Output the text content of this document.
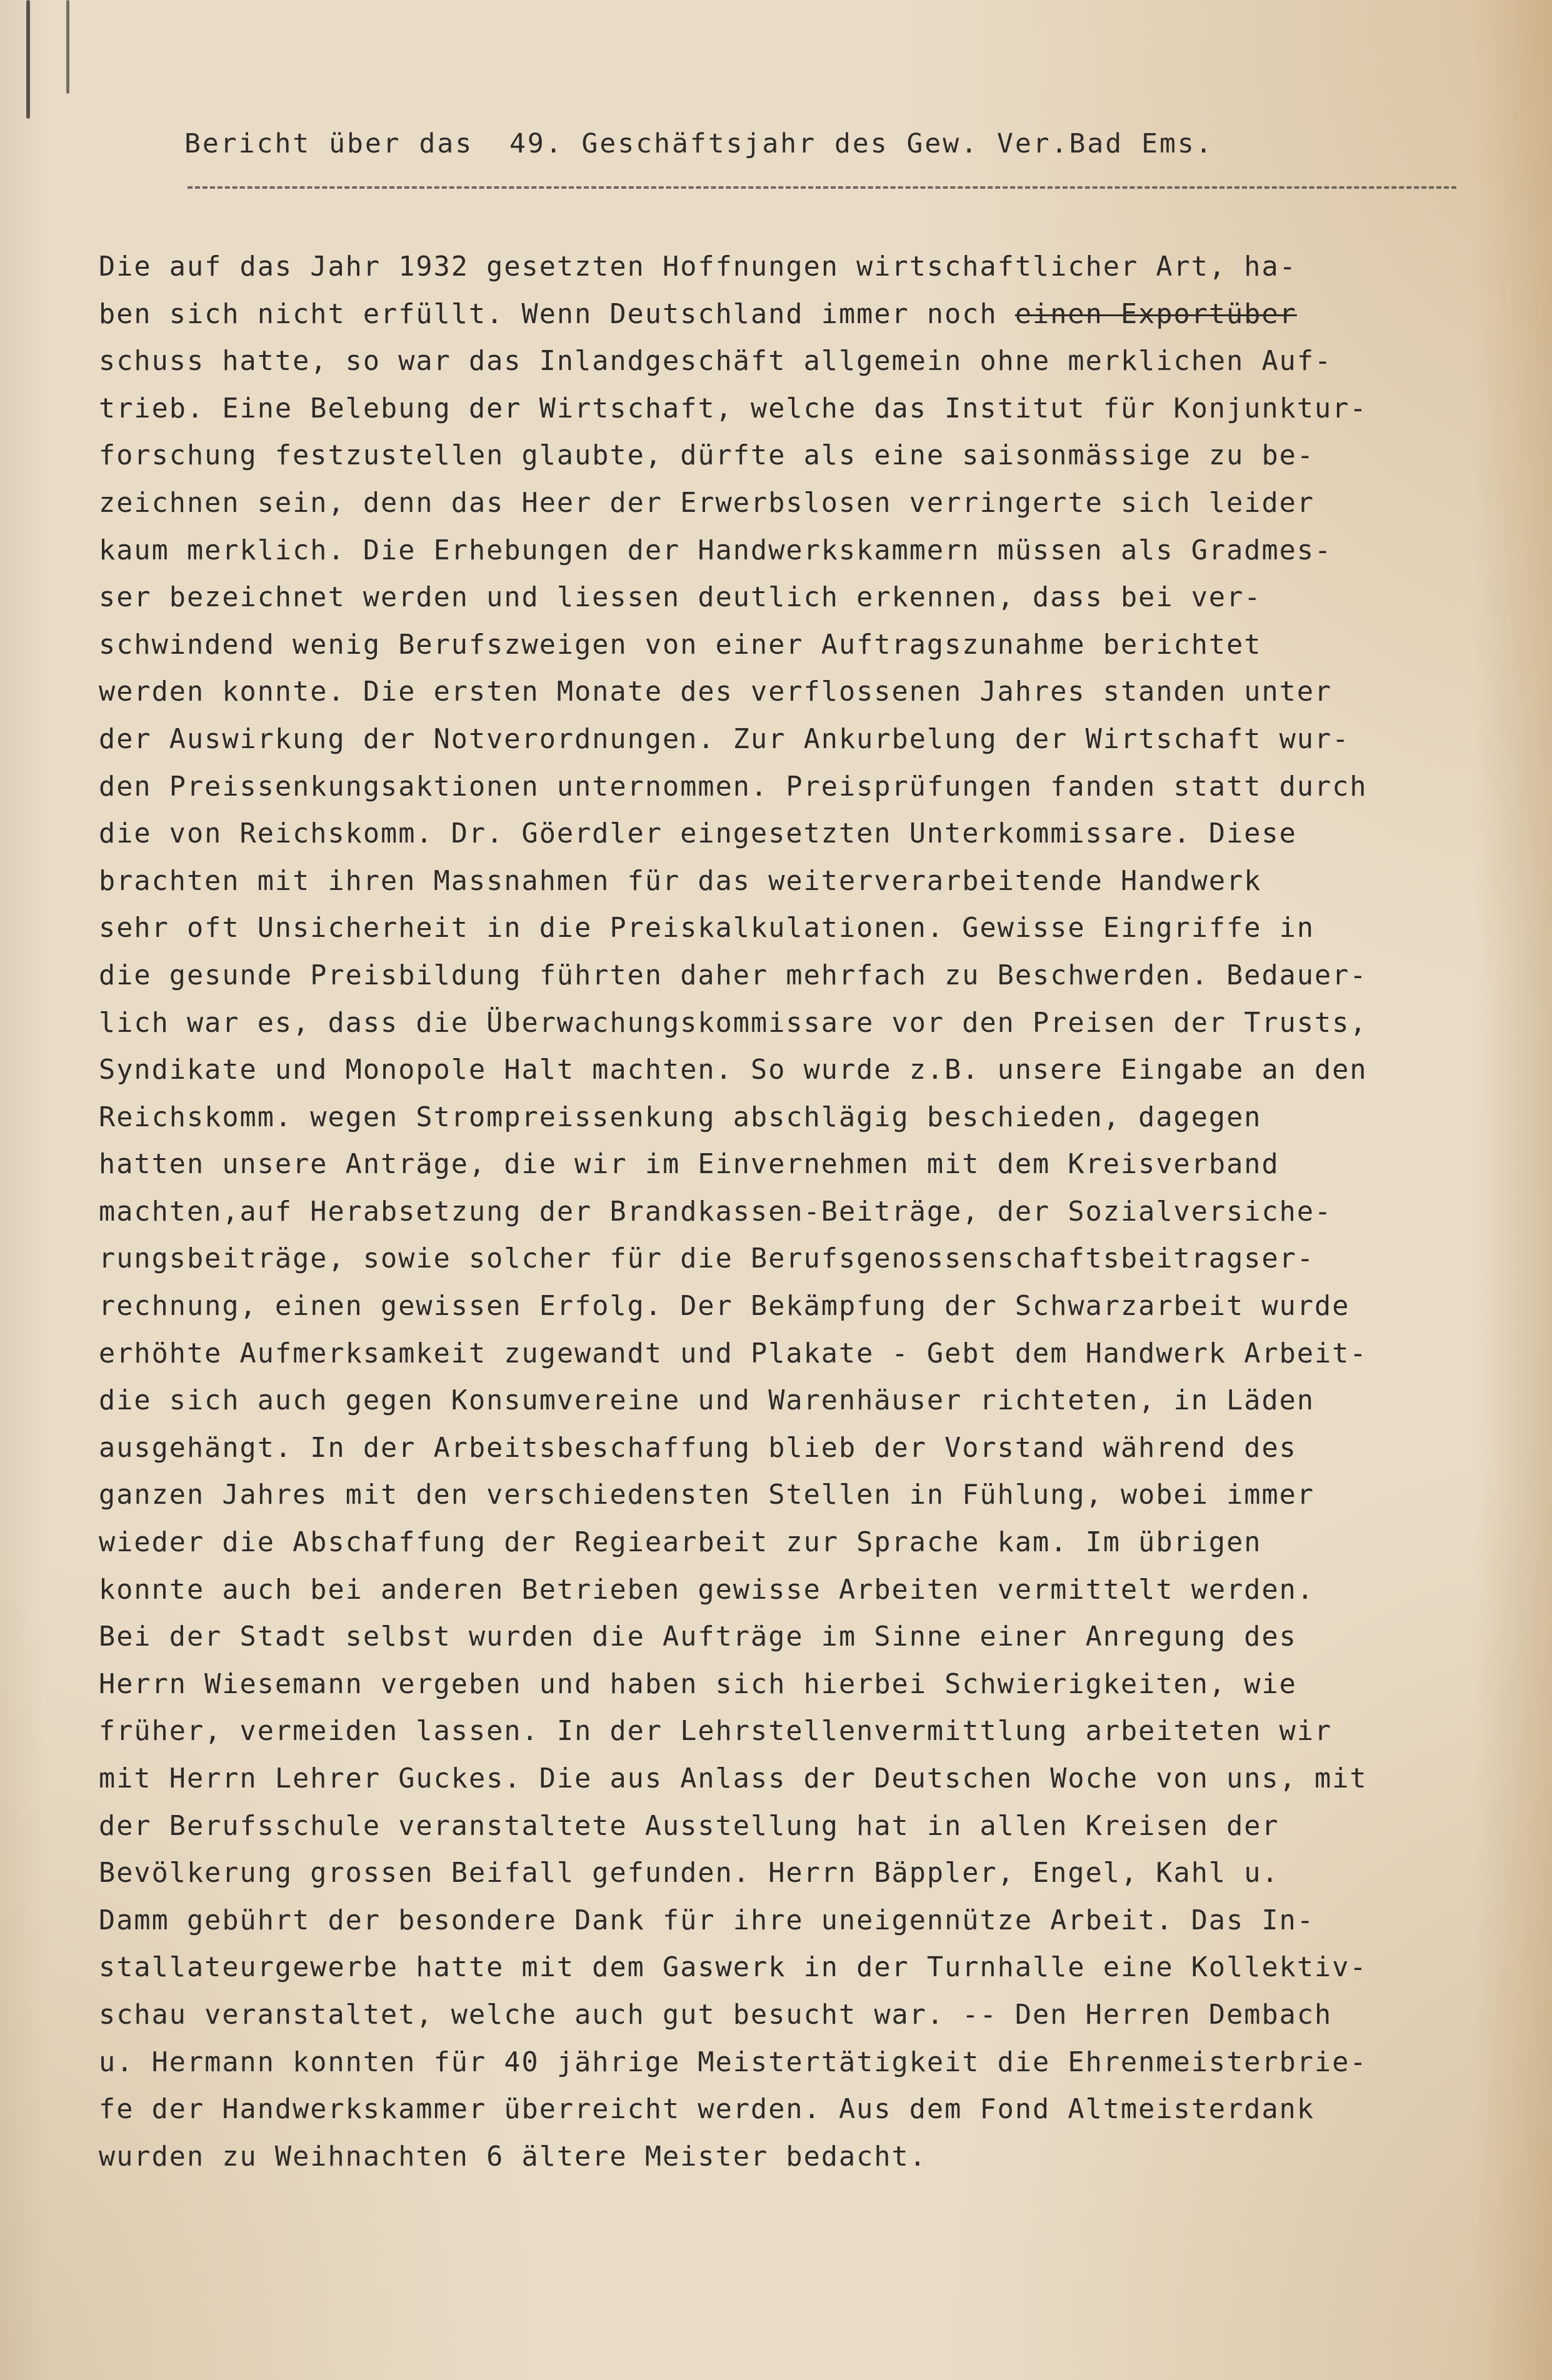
Bericht über das  49. Geschäftsjahr des Gew. Ver.Bad Ems.
Die auf das Jahr 1932 gesetzten Hoffnungen wirtschaftlicher Art, ha-
ben sich nicht erfüllt. Wenn Deutschland immer noch einen Exportüber
schuss hatte, so war das Inlandgeschäft allgemein ohne merklichen Auf-
trieb. Eine Belebung der Wirtschaft, welche das Institut für Konjunktur-
forschung festzustellen glaubte, dürfte als eine saisonmässige zu be-
zeichnen sein, denn das Heer der Erwerbslosen verringerte sich leider
kaum merklich. Die Erhebungen der Handwerkskammern müssen als Gradmes-
ser bezeichnet werden und liessen deutlich erkennen, dass bei ver-
schwindend wenig Berufszweigen von einer Auftragszunahme berichtet
werden konnte. Die ersten Monate des verflossenen Jahres standen unter
der Auswirkung der Notverordnungen. Zur Ankurbelung der Wirtschaft wur-
den Preissenkungsaktionen unternommen. Preisprüfungen fanden statt durch
die von Reichskomm. Dr. Göerdler eingesetzten Unterkommissare. Diese
brachten mit ihren Massnahmen für das weiterverarbeitende Handwerk
sehr oft Unsicherheit in die Preiskalkulationen. Gewisse Eingriffe in
die gesunde Preisbildung führten daher mehrfach zu Beschwerden. Bedauer-
lich war es, dass die Überwachungskommissare vor den Preisen der Trusts,
Syndikate und Monopole Halt machten. So wurde z.B. unsere Eingabe an den
Reichskomm. wegen Strompreissenkung abschlägig beschieden, dagegen
hatten unsere Anträge, die wir im Einvernehmen mit dem Kreisverband
machten,auf Herabsetzung der Brandkassen-Beiträge, der Sozialversiche-
rungsbeiträge, sowie solcher für die Berufsgenossenschaftsbeitragser-
rechnung, einen gewissen Erfolg. Der Bekämpfung der Schwarzarbeit wurde
erhöhte Aufmerksamkeit zugewandt und Plakate - Gebt dem Handwerk Arbeit-
die sich auch gegen Konsumvereine und Warenhäuser richteten, in Läden
ausgehängt. In der Arbeitsbeschaffung blieb der Vorstand während des
ganzen Jahres mit den verschiedensten Stellen in Fühlung, wobei immer
wieder die Abschaffung der Regiearbeit zur Sprache kam. Im übrigen
konnte auch bei anderen Betrieben gewisse Arbeiten vermittelt werden.
Bei der Stadt selbst wurden die Aufträge im Sinne einer Anregung des
Herrn Wiesemann vergeben und haben sich hierbei Schwierigkeiten, wie
früher, vermeiden lassen. In der Lehrstellenvermittlung arbeiteten wir
mit Herrn Lehrer Guckes. Die aus Anlass der Deutschen Woche von uns, mit
der Berufsschule veranstaltete Ausstellung hat in allen Kreisen der
Bevölkerung grossen Beifall gefunden. Herrn Bäppler, Engel, Kahl u.
Damm gebührt der besondere Dank für ihre uneigennütze Arbeit. Das In-
stallateurgewerbe hatte mit dem Gaswerk in der Turnhalle eine Kollektiv-
schau veranstaltet, welche auch gut besucht war. -- Den Herren Dembach
u. Hermann konnten für 40 jährige Meistertätigkeit die Ehrenmeisterbrie-
fe der Handwerkskammer überreicht werden. Aus dem Fond Altmeisterdank
wurden zu Weihnachten 6 ältere Meister bedacht.
